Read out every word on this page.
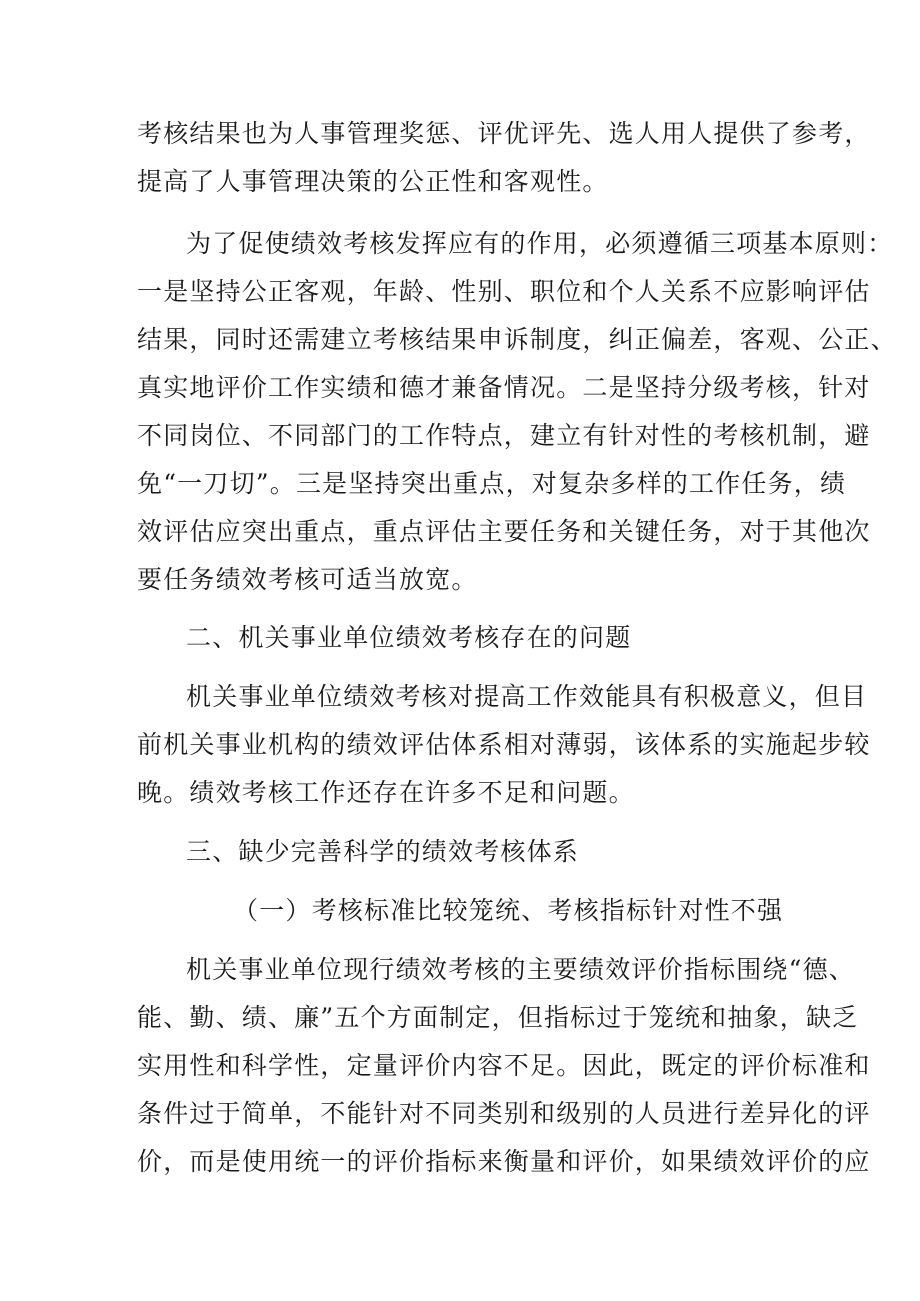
考核结果也为人事管理奖惩、评优评先、选人用人提供了参考，

提高了人事管理决策的公正性和客观性。

为了促使绩效考核发挥应有的作用，必须遵循三项基本原则：

一是坚持公正客观，年龄、性别、职位和个人关系不应影响评估

结果，同时还需建立考核结果申诉制度，纠正偏差，客观、公正、

真实地评价工作实绩和德才兼备情况。二是坚持分级考核，针对

不同岗位、不同部门的工作特点，建立有针对性的考核机制，避

免“一刀切”。三是坚持突出重点，对复杂多样的工作任务，绩

效评估应突出重点，重点评估主要任务和关键任务，对于其他次

要任务绩效考核可适当放宽。

二、机关事业单位绩效考核存在的问题

机关事业单位绩效考核对提高工作效能具有积极意义，但目

前机关事业机构的绩效评估体系相对薄弱，该体系的实施起步较

晚。绩效考核工作还存在许多不足和问题。

三、缺少完善科学的绩效考核体系

（一）考核标准比较笼统、考核指标针对性不强

机关事业单位现行绩效考核的主要绩效评价指标围绕“德、

能、勤、绩、廉”五个方面制定，但指标过于笼统和抽象，缺乏

实用性和科学性，定量评价内容不足。因此，既定的评价标准和

条件过于简单，不能针对不同类别和级别的人员进行差异化的评

价，而是使用统一的评价指标来衡量和评价，如果绩效评价的应
